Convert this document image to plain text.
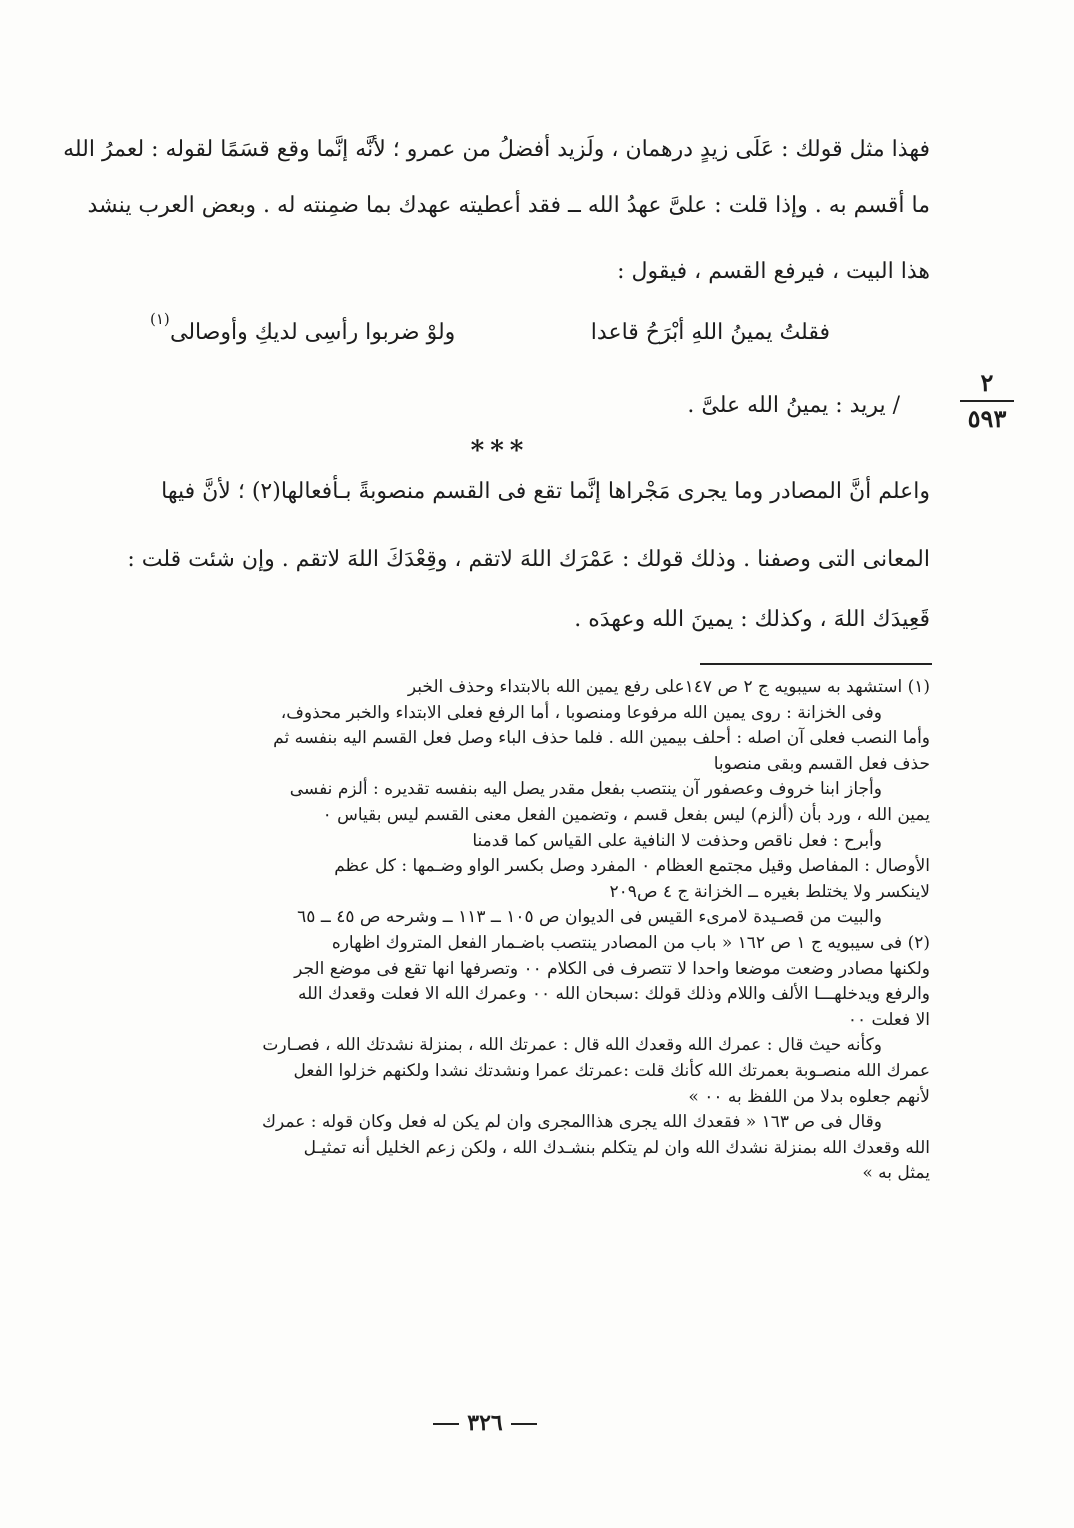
فهذا مثل قولك : عَلَى زيدٍ درهمان ، ولَزيد أفضلُ من عمرو ؛ لأنَّه إنَّما وقع قسَمًا لقوله : لعمرُ الله
ما أقسم به . وإذا قلت : علىَّ عهدُ الله ــ فقد أعطيته عهدك بما ضمِنته له . وبعض العرب ينشد
هذا البيت ، فيرفع القسم ، فيقول :
فقلتُ يمينُ اللهِ أبْرَحُ قاعدا
ولوْ ضربوا رأسِى لديكِ وأوصالى
(١)
/ يريد : يمينُ الله علىَّ .
٢
٥٩٣
***
واعلم أنَّ المصادر وما يجرى مَجْراها إنَّما تقع فى القسم منصوبةً بـأفعالها(٢) ؛ لأنَّ فيها
المعانى التى وصفنا . وذلك قولك : عَمْرَك اللهَ لاتقم ، وقِعْدَكَ اللهَ لاتقم . وإن شئت قلت :
قَعِيدَك اللهَ ، وكذلك : يمينَ الله وعهدَه .
(١) استشهد به سيبويه ج ٢ ص ١٤٧على رفع يمين الله بالابتداء وحذف الخبر
وفى الخزانة : روى يمين الله مرفوعا ومنصوبا ، أما الرفع فعلى الابتداء والخبر محذوف،
وأما النصب فعلى آن اصله : أحلف بيمين الله . فلما حذف الباء وصل فعل القسم اليه بنفسه ثم
حذف فعل القسم وبقى منصوبا
وأجاز ابنا خروف وعصفور آن ينتصب بفعل مقدر يصل اليه بنفسه تقديره : ألزم نفسى
يمين الله ، ورد بأن (ألزم) ليس بفعل قسم ، وتضمين الفعل معنى القسم ليس بقياس ٠
وأبرح : فعل ناقص وحذفت لا النافية على القياس كما قدمنا
الأوصال : المفاصل وقيل مجتمع العظام ٠ المفرد وصل بكسر الواو وضـمها : كل عظم
لاينكسر ولا يختلط بغيره ــ الخزانة ج ٤ ص٢٠٩
والبيت من قصـيدة لامرىء القيس فى الديوان ص ١٠٥ ــ ١١٣ ــ وشرحه ص ٤٥ ــ ٦٥
(٢) فى سيبويه ج ١ ص ١٦٢ « باب من المصادر ينتصب باضـمار الفعل المتروك اظهاره
ولكنها مصادر وضعت موضعا واحدا لا تتصرف فى الكلام ٠٠ وتصرفها انها تقع فى موضع الجر
والرفع ويدخلهـــا الألف واللام وذلك قولك :سبحان الله ٠٠ وعمرك الله الا فعلت وقعدك الله
الا فعلت ٠٠
وكأنه حيث قال : عمرك الله وقعدك الله قال : عمرتك الله ، بمنزلة نشدتك الله ، فصـارت
عمرك الله منصـوبة بعمرتك الله كأنك قلت :عمرتك عمرا ونشدتك نشدا ولكنهم خزلوا الفعل
لأنهم جعلوه بدلا من اللفظ به ٠٠ »
وقال فى ص ١٦٣ « فقعدك الله يجرى هذاالمجرى وان لم يكن له فعل وكان قوله : عمرك
الله وقعدك الله بمنزلة نشدك الله وان لم يتكلم بنشـدك الله ، ولكن زعم الخليل أنه تمثيـل
يمثل به »
٣٢٦
